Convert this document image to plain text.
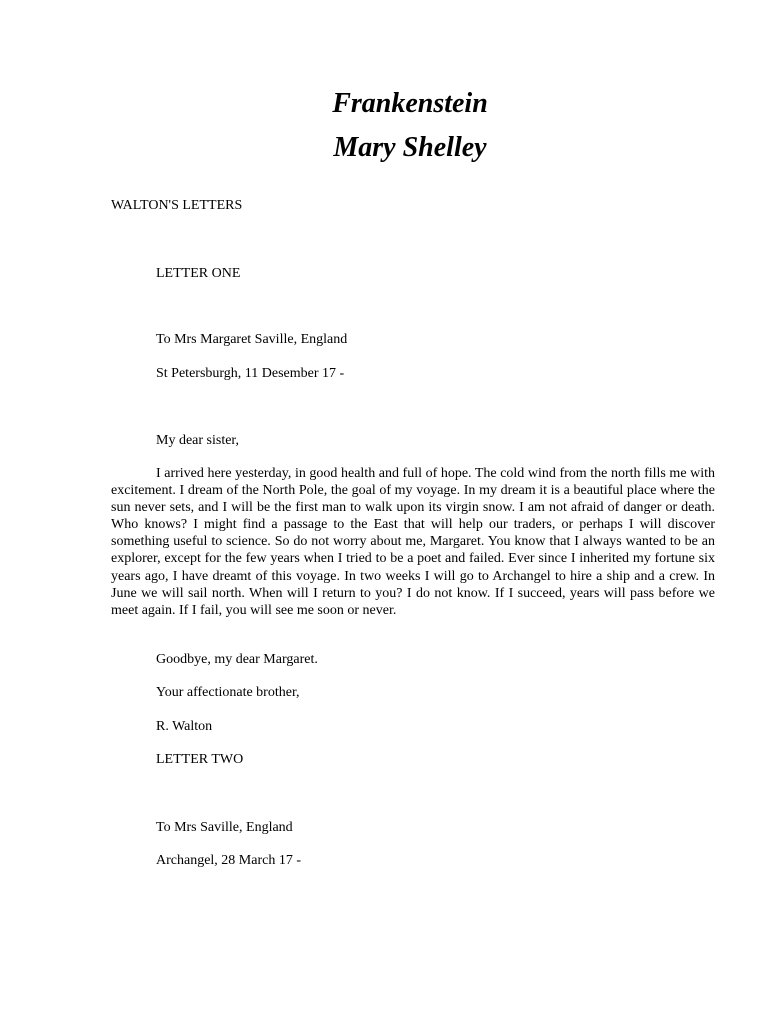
Frankenstein
Mary Shelley
WALTON'S LETTERS
LETTER ONE
To Mrs Margaret Saville, England
St Petersburgh, 11 Desember 17 -
My dear sister,

I arrived here yesterday, in good health and full of hope. The cold wind from the north fills me with excitement. I dream of the North Pole, the goal of my voyage. In my dream it is a beautiful place where the sun never sets, and I will be the first man to walk upon its virgin snow. I am not afraid of danger or death. Who knows? I might find a passage to the East that will help our traders, or perhaps I will discover something useful to science. So do not worry about me, Margaret. You know that I always wanted to be an explorer, except for the few years when I tried to be a poet and failed. Ever since I inherited my fortune six years ago, I have dreamt of this voyage. In two weeks I will go to Archangel to hire a ship and a crew. In June we will sail north. When will I return to you? I do not know. If I succeed, years will pass before we meet again. If I fail, you will see me soon or never.

Goodbye, my dear Margaret.
Your affectionate brother,
R. Walton
LETTER TWO
To Mrs Saville, England
Archangel, 28 March 17 -
